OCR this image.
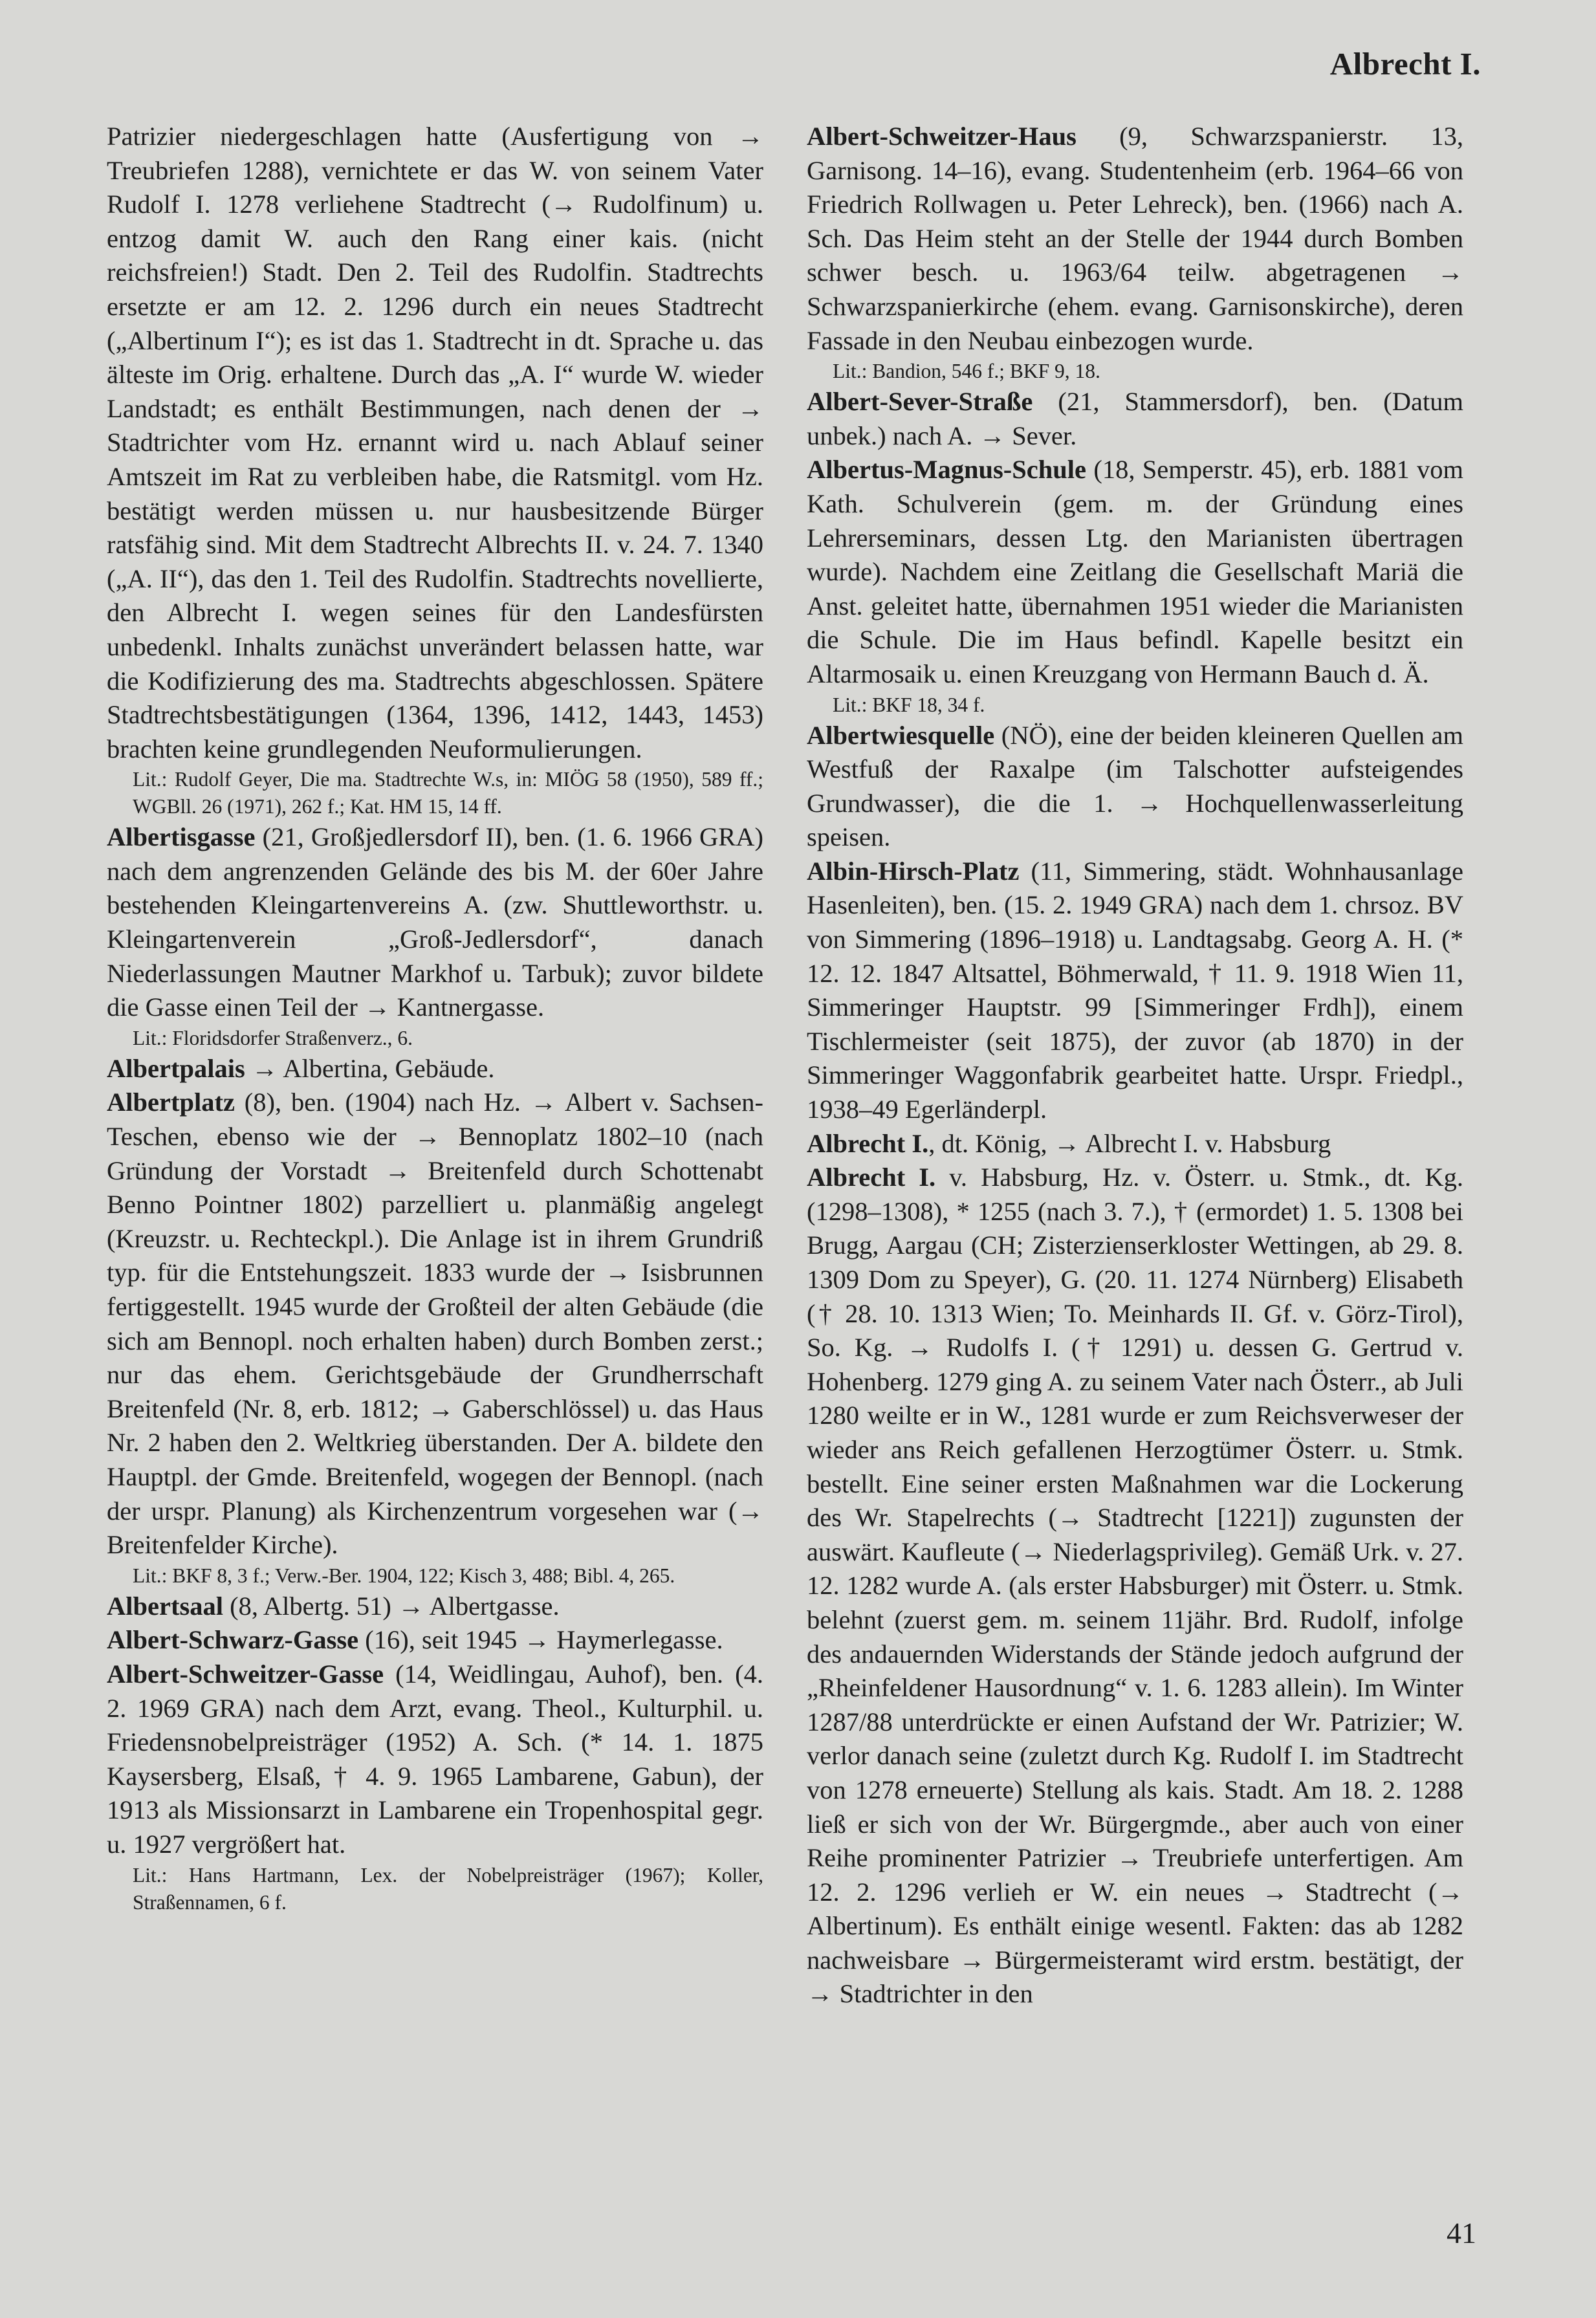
Albrecht I.

Patrizier niedergeschlagen hatte (Ausfertigung von → Treubriefen 1288), vernichtete er das W. von seinem Vater Rudolf I. 1278 verliehene Stadtrecht (→ Rudolfinum) u. entzog damit W. auch den Rang einer kais. (nicht reichsfreien!) Stadt. Den 2. Teil des Rudolfin. Stadtrechts ersetzte er am 12. 2. 1296 durch ein neues Stadtrecht („Albertinum I“); es ist das 1. Stadtrecht in dt. Sprache u. das älteste im Orig. erhaltene. Durch das „A. I“ wurde W. wieder Landstadt; es enthält Bestimmungen, nach denen der → Stadtrichter vom Hz. ernannt wird u. nach Ablauf seiner Amtszeit im Rat zu verbleiben habe, die Ratsmitgl. vom Hz. bestätigt werden müssen u. nur hausbesitzende Bürger ratsfähig sind. Mit dem Stadtrecht Albrechts II. v. 24. 7. 1340 („A. II“), das den 1. Teil des Rudolfin. Stadtrechts novellierte, den Albrecht I. wegen seines für den Landesfürsten unbedenkl. Inhalts zunächst unverändert belassen hatte, war die Kodifizierung des ma. Stadtrechts abgeschlossen. Spätere Stadtrechtsbestätigungen (1364, 1396, 1412, 1443, 1453) brachten keine grundlegenden Neuformulierungen.

Lit.: Rudolf Geyer, Die ma. Stadtrechte W.s, in: MIÖG 58 (1950), 589 ff.; WGBll. 26 (1971), 262 f.; Kat. HM 15, 14 ff.

Albertisgasse (21, Großjedlersdorf II), ben. (1. 6. 1966 GRA) nach dem angrenzenden Gelände des bis M. der 60er Jahre bestehenden Kleingartenvereins A. (zw. Shuttleworthstr. u. Kleingartenverein „Groß-Jedlersdorf“, danach Niederlassungen Mautner Markhof u. Tarbuk); zuvor bildete die Gasse einen Teil der → Kantnergasse.

Lit.: Floridsdorfer Straßenverz., 6.

Albertpalais → Albertina, Gebäude.

Albertplatz (8), ben. (1904) nach Hz. → Albert v. Sachsen-Teschen, ebenso wie der → Bennoplatz 1802–10 (nach Gründung der Vorstadt → Breitenfeld durch Schottenabt Benno Pointner 1802) parzelliert u. planmäßig angelegt (Kreuzstr. u. Rechteckpl.). Die Anlage ist in ihrem Grundriß typ. für die Entstehungszeit. 1833 wurde der → Isisbrunnen fertiggestellt. 1945 wurde der Großteil der alten Gebäude (die sich am Bennopl. noch erhalten haben) durch Bomben zerst.; nur das ehem. Gerichtsgebäude der Grundherrschaft Breitenfeld (Nr. 8, erb. 1812; → Gaberschlössel) u. das Haus Nr. 2 haben den 2. Weltkrieg überstanden. Der A. bildete den Hauptpl. der Gmde. Breitenfeld, wogegen der Bennopl. (nach der urspr. Planung) als Kirchenzentrum vorgesehen war (→ Breitenfelder Kirche).

Lit.: BKF 8, 3 f.; Verw.-Ber. 1904, 122; Kisch 3, 488; Bibl. 4, 265.

Albertsaal (8, Albertg. 51) → Albertgasse.

Albert-Schwarz-Gasse (16), seit 1945 → Haymerlegasse.

Albert-Schweitzer-Gasse (14, Weidlingau, Auhof), ben. (4. 2. 1969 GRA) nach dem Arzt, evang. Theol., Kulturphil. u. Friedensnobelpreisträger (1952) A. Sch. (* 14. 1. 1875 Kaysersberg, Elsaß, † 4. 9. 1965 Lambarene, Gabun), der 1913 als Missionsarzt in Lambarene ein Tropenhospital gegr. u. 1927 vergrößert hat.

Lit.: Hans Hartmann, Lex. der Nobelpreisträger (1967); Koller, Straßennamen, 6 f.

Albert-Schweitzer-Haus (9, Schwarzspanierstr. 13, Garnisong. 14–16), evang. Studentenheim (erb. 1964–66 von Friedrich Rollwagen u. Peter Lehreck), ben. (1966) nach A. Sch. Das Heim steht an der Stelle der 1944 durch Bomben schwer besch. u. 1963/64 teilw. abgetragenen → Schwarzspanierkirche (ehem. evang. Garnisonskirche), deren Fassade in den Neubau einbezogen wurde.

Lit.: Bandion, 546 f.; BKF 9, 18.

Albert-Sever-Straße (21, Stammersdorf), ben. (Datum unbek.) nach A. → Sever.

Albertus-Magnus-Schule (18, Semperstr. 45), erb. 1881 vom Kath. Schulverein (gem. m. der Gründung eines Lehrerseminars, dessen Ltg. den Marianisten übertragen wurde). Nachdem eine Zeitlang die Gesellschaft Mariä die Anst. geleitet hatte, übernahmen 1951 wieder die Marianisten die Schule. Die im Haus befindl. Kapelle besitzt ein Altarmosaik u. einen Kreuzgang von Hermann Bauch d. Ä.

Lit.: BKF 18, 34 f.

Albertwiesquelle (NÖ), eine der beiden kleineren Quellen am Westfuß der Raxalpe (im Talschotter aufsteigendes Grundwasser), die die 1. → Hochquellenwasserleitung speisen.

Albin-Hirsch-Platz (11, Simmering, städt. Wohnhausanlage Hasenleiten), ben. (15. 2. 1949 GRA) nach dem 1. chrsoz. BV von Simmering (1896–1918) u. Landtagsabg. Georg A. H. (* 12. 12. 1847 Altsattel, Böhmerwald, † 11. 9. 1918 Wien 11, Simmeringer Hauptstr. 99 [Simmeringer Frdh]), einem Tischlermeister (seit 1875), der zuvor (ab 1870) in der Simmeringer Waggonfabrik gearbeitet hatte. Urspr. Friedpl., 1938–49 Egerländerpl.

Albrecht I., dt. König, → Albrecht I. v. Habsburg

Albrecht I. v. Habsburg, Hz. v. Österr. u. Stmk., dt. Kg. (1298–1308), * 1255 (nach 3. 7.), † (ermordet) 1. 5. 1308 bei Brugg, Aargau (CH; Zisterzienserkloster Wettingen, ab 29. 8. 1309 Dom zu Speyer), G. (20. 11. 1274 Nürnberg) Elisabeth († 28. 10. 1313 Wien; To. Meinhards II. Gf. v. Görz-Tirol), So. Kg. → Rudolfs I. († 1291) u. dessen G. Gertrud v. Hohenberg. 1279 ging A. zu seinem Vater nach Österr., ab Juli 1280 weilte er in W., 1281 wurde er zum Reichsverweser der wieder ans Reich gefallenen Herzogtümer Österr. u. Stmk. bestellt. Eine seiner ersten Maßnahmen war die Lockerung des Wr. Stapelrechts (→ Stadtrecht [1221]) zugunsten der auswärt. Kaufleute (→ Niederlagsprivileg). Gemäß Urk. v. 27. 12. 1282 wurde A. (als erster Habsburger) mit Österr. u. Stmk. belehnt (zuerst gem. m. seinem 11jähr. Brd. Rudolf, infolge des andauernden Widerstands der Stände jedoch aufgrund der „Rheinfeldener Hausordnung“ v. 1. 6. 1283 allein). Im Winter 1287/88 unterdrückte er einen Aufstand der Wr. Patrizier; W. verlor danach seine (zuletzt durch Kg. Rudolf I. im Stadtrecht von 1278 erneuerte) Stellung als kais. Stadt. Am 18. 2. 1288 ließ er sich von der Wr. Bürgergmde., aber auch von einer Reihe prominenter Patrizier → Treubriefe unterfertigen. Am 12. 2. 1296 verlieh er W. ein neues → Stadtrecht (→ Albertinum). Es enthält einige wesentl. Fakten: das ab 1282 nachweisbare → Bürgermeisteramt wird erstm. bestätigt, der → Stadtrichter in den

41
